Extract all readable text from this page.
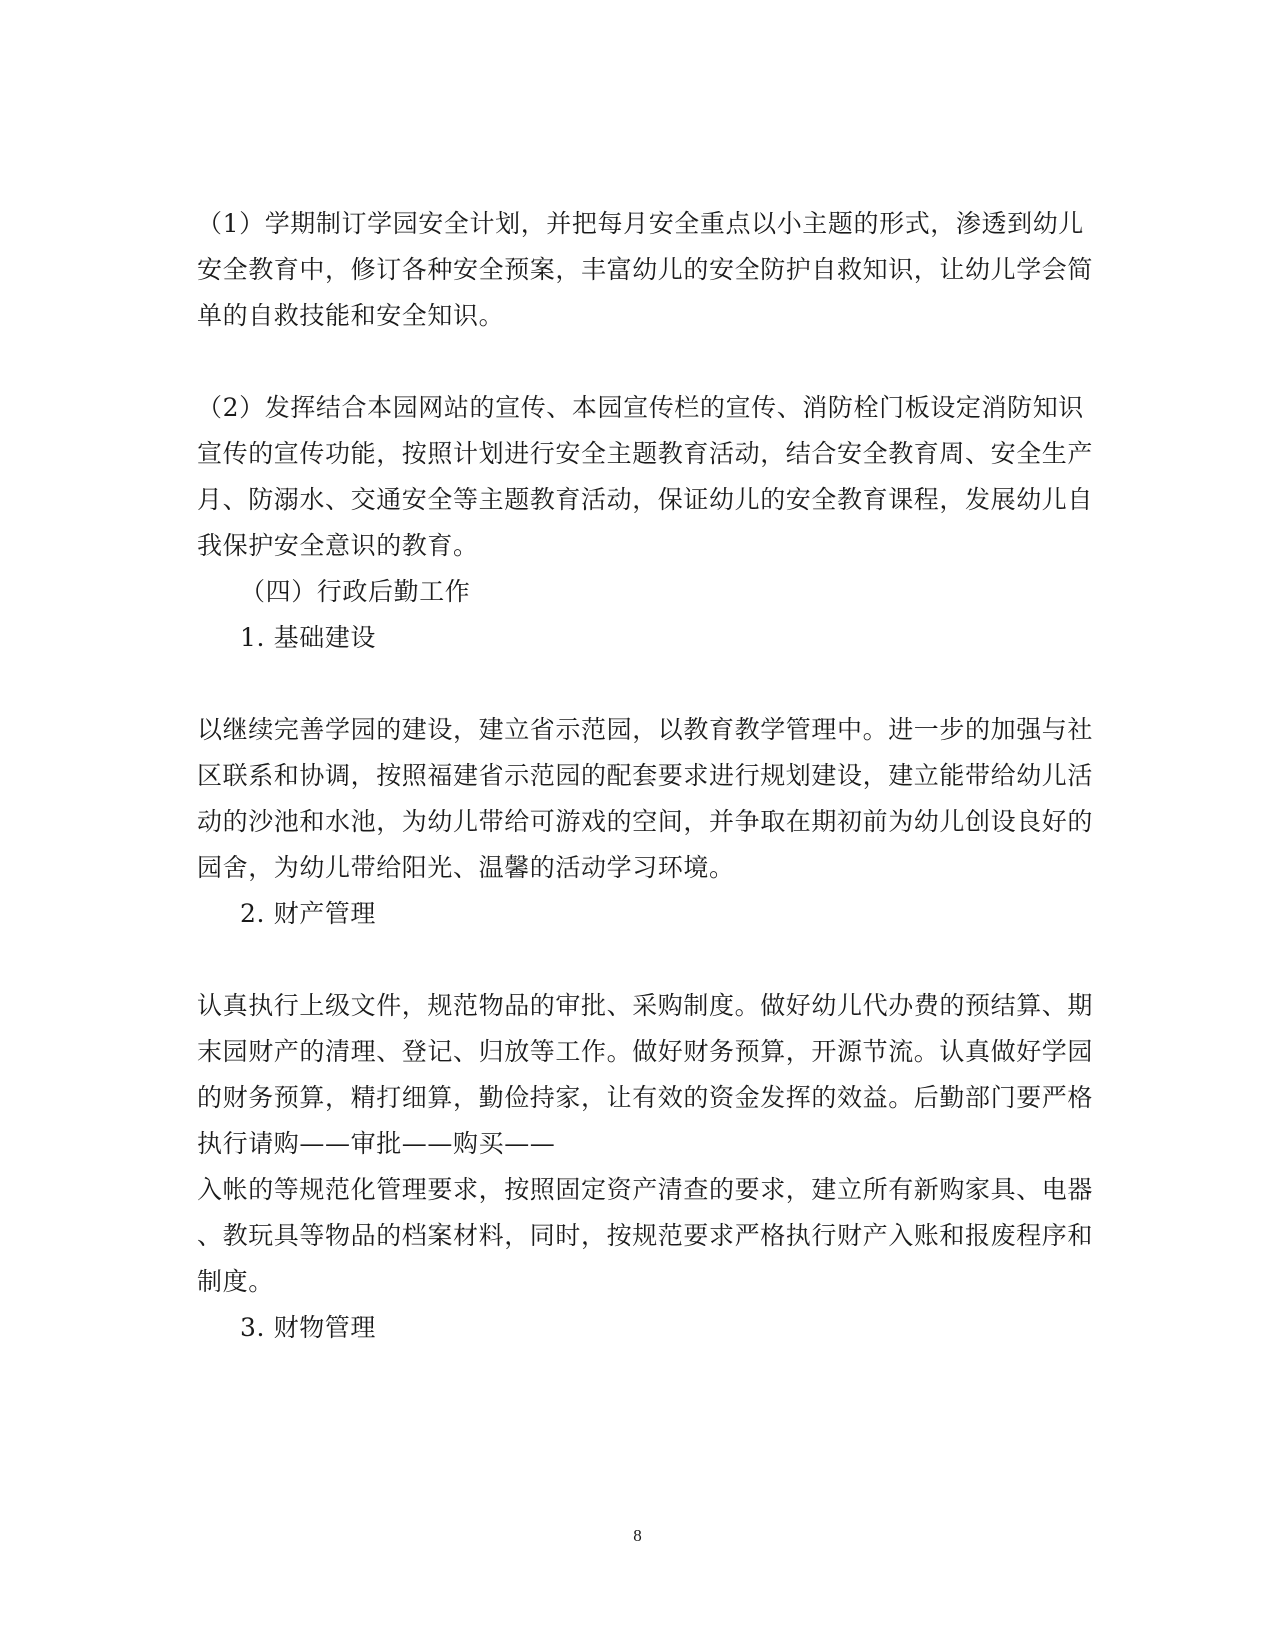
（1）学期制订学园安全计划，并把每月安全重点以小主题的形式，渗透到幼儿
安全教育中，修订各种安全预案，丰富幼儿的安全防护自救知识，让幼儿学会简
单的自救技能和安全知识。
（2）发挥结合本园网站的宣传、本园宣传栏的宣传、消防栓门板设定消防知识
宣传的宣传功能，按照计划进行安全主题教育活动，结合安全教育周、安全生产
月、防溺水、交通安全等主题教育活动，保证幼儿的安全教育课程，发展幼儿自
我保护安全意识的教育。
（四）行政后勤工作
1. 基础建设
以继续完善学园的建设，建立省示范园，以教育教学管理中。进一步的加强与社
区联系和协调，按照福建省示范园的配套要求进行规划建设，建立能带给幼儿活
动的沙池和水池，为幼儿带给可游戏的空间，并争取在期初前为幼儿创设良好的
园舍，为幼儿带给阳光、温馨的活动学习环境。
2. 财产管理
认真执行上级文件，规范物品的审批、采购制度。做好幼儿代办费的预结算、期
末园财产的清理、登记、归放等工作。做好财务预算，开源节流。认真做好学园
的财务预算，精打细算，勤俭持家，让有效的资金发挥的效益。后勤部门要严格
执行请购——审批——购买——
入帐的等规范化管理要求，按照固定资产清查的要求，建立所有新购家具、电器
、教玩具等物品的档案材料，同时，按规范要求严格执行财产入账和报废程序和
制度。
3. 财物管理
8
